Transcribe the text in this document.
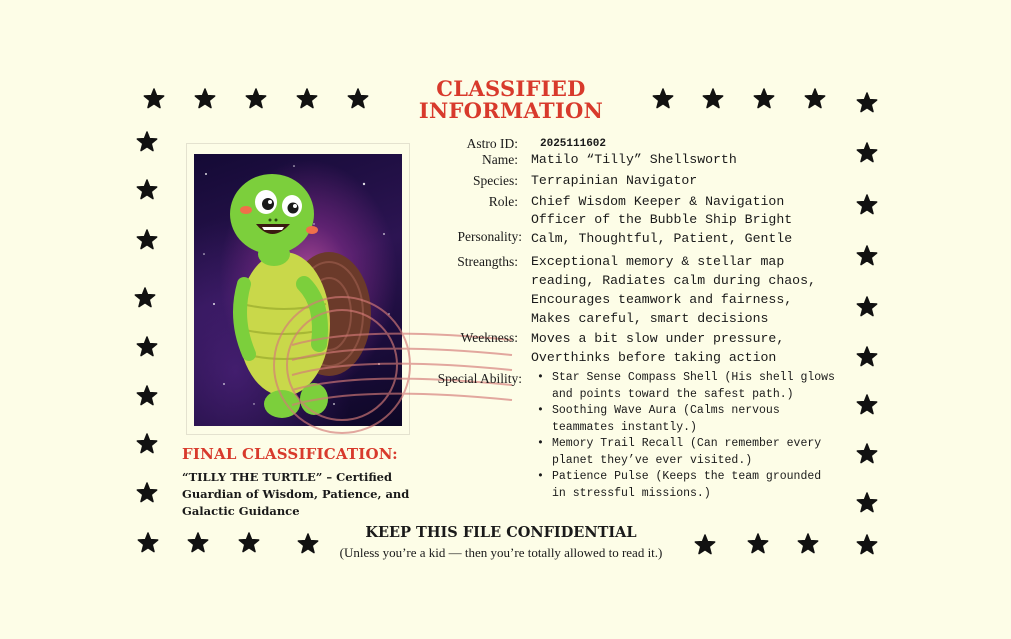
CLASSIFIED
INFORMATION
Astro ID: 2025111602
Name: Matilo “Tilly” Shellsworth
Species: Terrapinian Navigator
Role: Chief Wisdom Keeper & Navigation
Officer of the Bubble Ship Bright
Personality: Calm, Thoughtful, Patient, Gentle
Streangths: Exceptional memory & stellar map
reading, Radiates calm during chaos,
Encourages teamwork and fairness,
Makes careful, smart decisions
Weekness: Moves a bit slow under pressure,
Overthinks before taking action
Special Ability:
•	Star Sense Compass Shell (His shell glows
and points toward the safest path.)
• Soothing Wave Aura (Calms nervous
teammates instantly.)
• Memory Trail Recall (Can remember every
planet they’ve ever visited.)
• Patience Pulse (Keeps the team grounded
in stressful missions.)
FINAL CLASSIFICATION:
“TILLY THE TURTLE” – Certified Guardian of Wisdom, Patience, and Galactic Guidance
KEEP THIS FILE CONFIDENTIAL
(Unless you’re a kid — then you’re totally allowed to read it.)
